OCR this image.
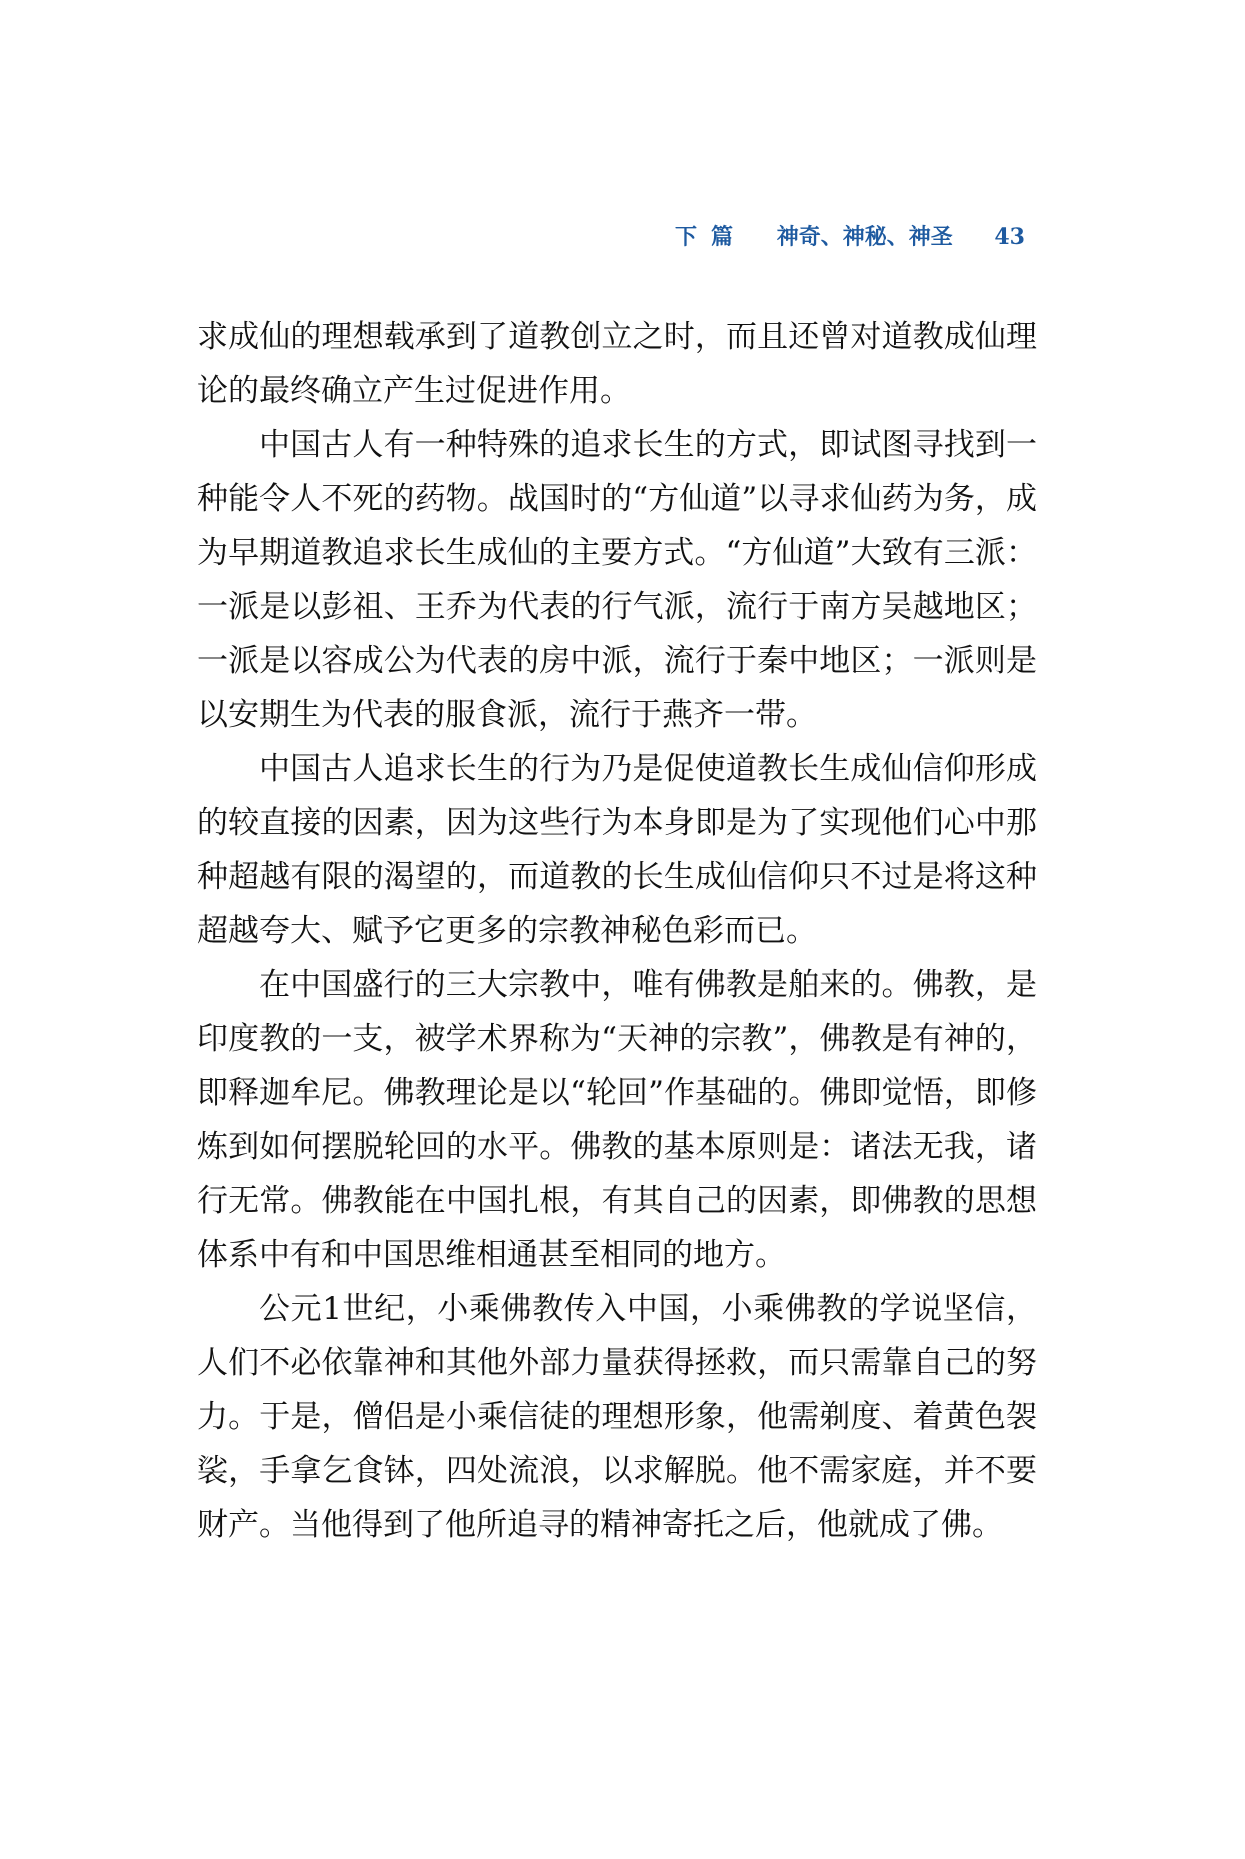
下篇 神奇、神秘、神圣 43

求成仙的理想载承到了道教创立之时，而且还曾对道教成仙理论的最终确立产生过促进作用。

中国古人有一种特殊的追求长生的方式，即试图寻找到一种能令人不死的药物。战国时的“方仙道”以寻求仙药为务，成为早期道教追求长生成仙的主要方式。“方仙道”大致有三派：一派是以彭祖、王乔为代表的行气派，流行于南方吴越地区；一派是以容成公为代表的房中派，流行于秦中地区；一派则是以安期生为代表的服食派，流行于燕齐一带。

中国古人追求长生的行为乃是促使道教长生成仙信仰形成的较直接的因素，因为这些行为本身即是为了实现他们心中那种超越有限的渴望的，而道教的长生成仙信仰只不过是将这种超越夸大、赋予它更多的宗教神秘色彩而已。

在中国盛行的三大宗教中，唯有佛教是舶来的。佛教，是印度教的一支，被学术界称为“天神的宗教”，佛教是有神的，即释迦牟尼。佛教理论是以“轮回”作基础的。佛即觉悟，即修炼到如何摆脱轮回的水平。佛教的基本原则是：诸法无我，诸行无常。佛教能在中国扎根，有其自己的因素，即佛教的思想体系中有和中国思维相通甚至相同的地方。

公元1世纪，小乘佛教传入中国，小乘佛教的学说坚信，人们不必依靠神和其他外部力量获得拯救，而只需靠自己的努力。于是，僧侣是小乘信徒的理想形象，他需剃度、着黄色袈裟，手拿乞食钵，四处流浪，以求解脱。他不需家庭，并不要财产。当他得到了他所追寻的精神寄托之后，他就成了佛。
